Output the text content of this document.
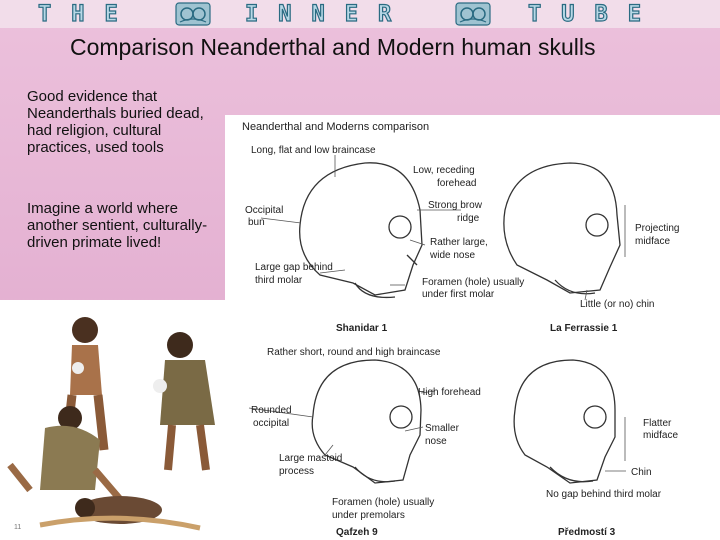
THE	INNER	TUBE
Comparison Neanderthal and Modern human skulls
Good evidence that Neanderthals buried dead, had religion, cultural practices, used tools
Imagine a world where another sentient, culturally-driven primate lived!
Neanderthal and Moderns comparison
Long, flat and low braincase
Low, receding
forehead
Occipital
bun
Strong brow
ridge
Rather large,
wide nose
Projecting
midface
Large gap behind
third molar	Foramen (hole) usually
under first molar
Little (or no) chin
Shanidar 1	La Ferrassie 1
Rather short, round and high braincase
High forehead
Rounded
occipital	Smaller
nose
Flatter
midface
Large mastoid
process	Chin
No gap behind third molar
Foramen (hole) usually
under premolars
Qafzeh 9	Předmostí 3
11
